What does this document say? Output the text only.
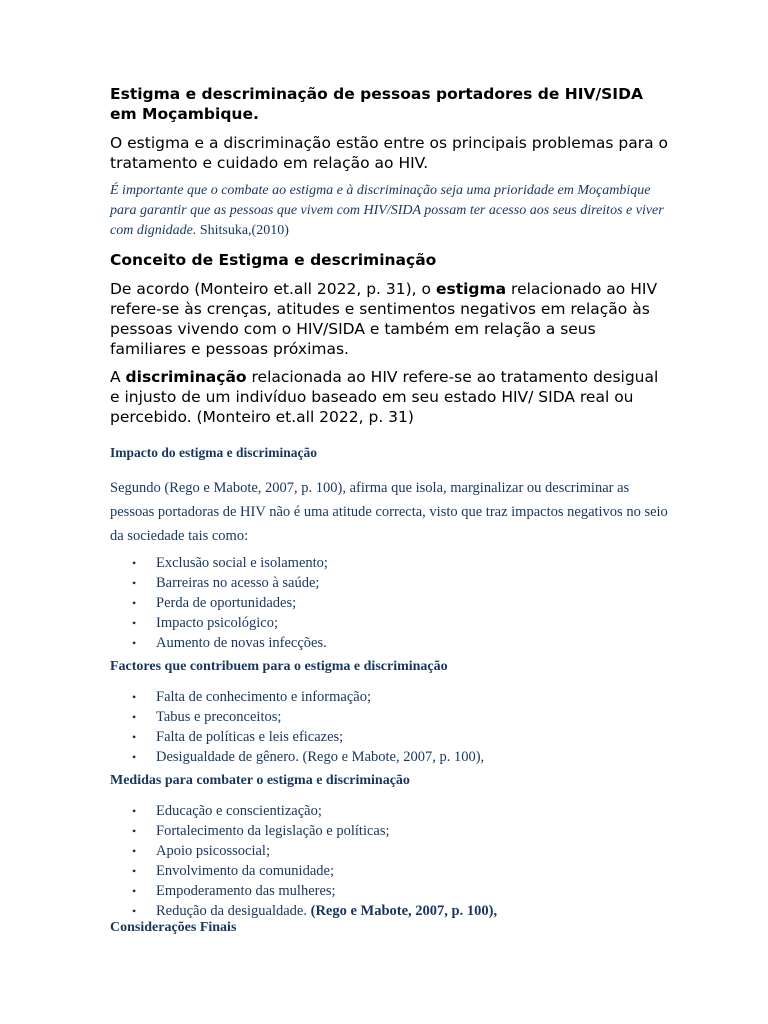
Estigma e descriminação de pessoas portadores de HIV/SIDA em Moçambique.

O estigma e a discriminação estão entre os principais problemas para o tratamento e cuidado em relação ao HIV.

É importante que o combate ao estigma e à discriminação seja uma prioridade em Moçambique para garantir que as pessoas que vivem com HIV/SIDA possam ter acesso aos seus direitos e viver com dignidade. Shitsuka,(2010)

Conceito de Estigma e descriminação

De acordo (Monteiro et.all 2022, p. 31), o estigma relacionado ao HIV refere-se às crenças, atitudes e sentimentos negativos em relação às pessoas vivendo com o HIV/SIDA e também em relação a seus familiares e pessoas próximas.

A discriminação relacionada ao HIV refere-se ao tratamento desigual e injusto de um indivíduo baseado em seu estado HIV/ SIDA real ou percebido. (Monteiro et.all 2022, p. 31)

Impacto do estigma e discriminação

Segundo (Rego e Mabote, 2007, p. 100), afirma que isola, marginalizar ou descriminar as pessoas portadoras de HIV não é uma atitude correcta, visto que traz impactos negativos no seio da sociedade tais como:

• Exclusão social e isolamento;
• Barreiras no acesso à saúde;
• Perda de oportunidades;
• Impacto psicológico;
• Aumento de novas infecções.
Factores que contribuem para o estigma e discriminação
• Falta de conhecimento e informação;
• Tabus e preconceitos;
• Falta de políticas e leis eficazes;
• Desigualdade de gênero. (Rego e Mabote, 2007, p. 100),
Medidas para combater o estigma e discriminação
• Educação e conscientização;
• Fortalecimento da legislação e políticas;
• Apoio psicossocial;
• Envolvimento da comunidade;
• Empoderamento das mulheres;
• Redução da desigualdade. (Rego e Mabote, 2007, p. 100),
Considerações Finais
